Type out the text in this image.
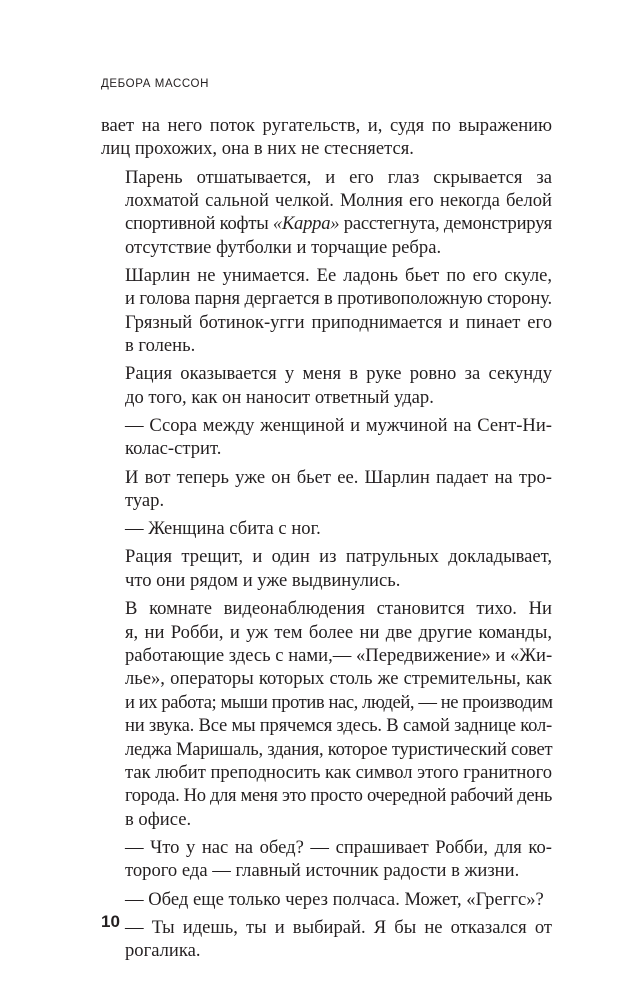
ДЕБОРА МАССОН

вает на него поток ругательств, и, судя по выражению
лиц прохожих, она в них не стесняется.

Парень отшатывается, и его глаз скрывается за
лохматой сальной челкой. Молния его некогда белой
спортивной кофты «Карра» расстегнута, демонстрируя
отсутствие футболки и торчащие ребра.

Шарлин не унимается. Ее ладонь бьет по его скуле,
и голова парня дергается в противоположную сторону.
Грязный ботинок-угги приподнимается и пинает его
в голень.

Рация оказывается у меня в руке ровно за секунду
до того, как он наносит ответный удар.

— Ссора между женщиной и мужчиной на Сент-Ни-
колас-стрит.

И вот теперь уже он бьет ее. Шарлин падает на тро-
туар.

— Женщина сбита с ног.

Рация трещит, и один из патрульных докладывает,
что они рядом и уже выдвинулись.

В комнате видеонаблюдения становится тихо. Ни
я, ни Робби, и уж тем более ни две другие команды,
работающие здесь с нами,— «Передвижение» и «Жи-
лье», операторы которых столь же стремительны, как
и их работа; мыши против нас, людей, — не производим
ни звука. Все мы прячемся здесь. В самой заднице кол-
леджа Маришаль, здания, которое туристический совет
так любит преподносить как символ этого гранитного
города. Но для меня это просто очередной рабочий день
в офисе.

— Что у нас на обед? — спрашивает Робби, для ко-
торого еда — главный источник радости в жизни.

— Обед еще только через полчаса. Может, «Греггс»?

— Ты идешь, ты и выбирай. Я бы не отказался от
рогалика.

10
